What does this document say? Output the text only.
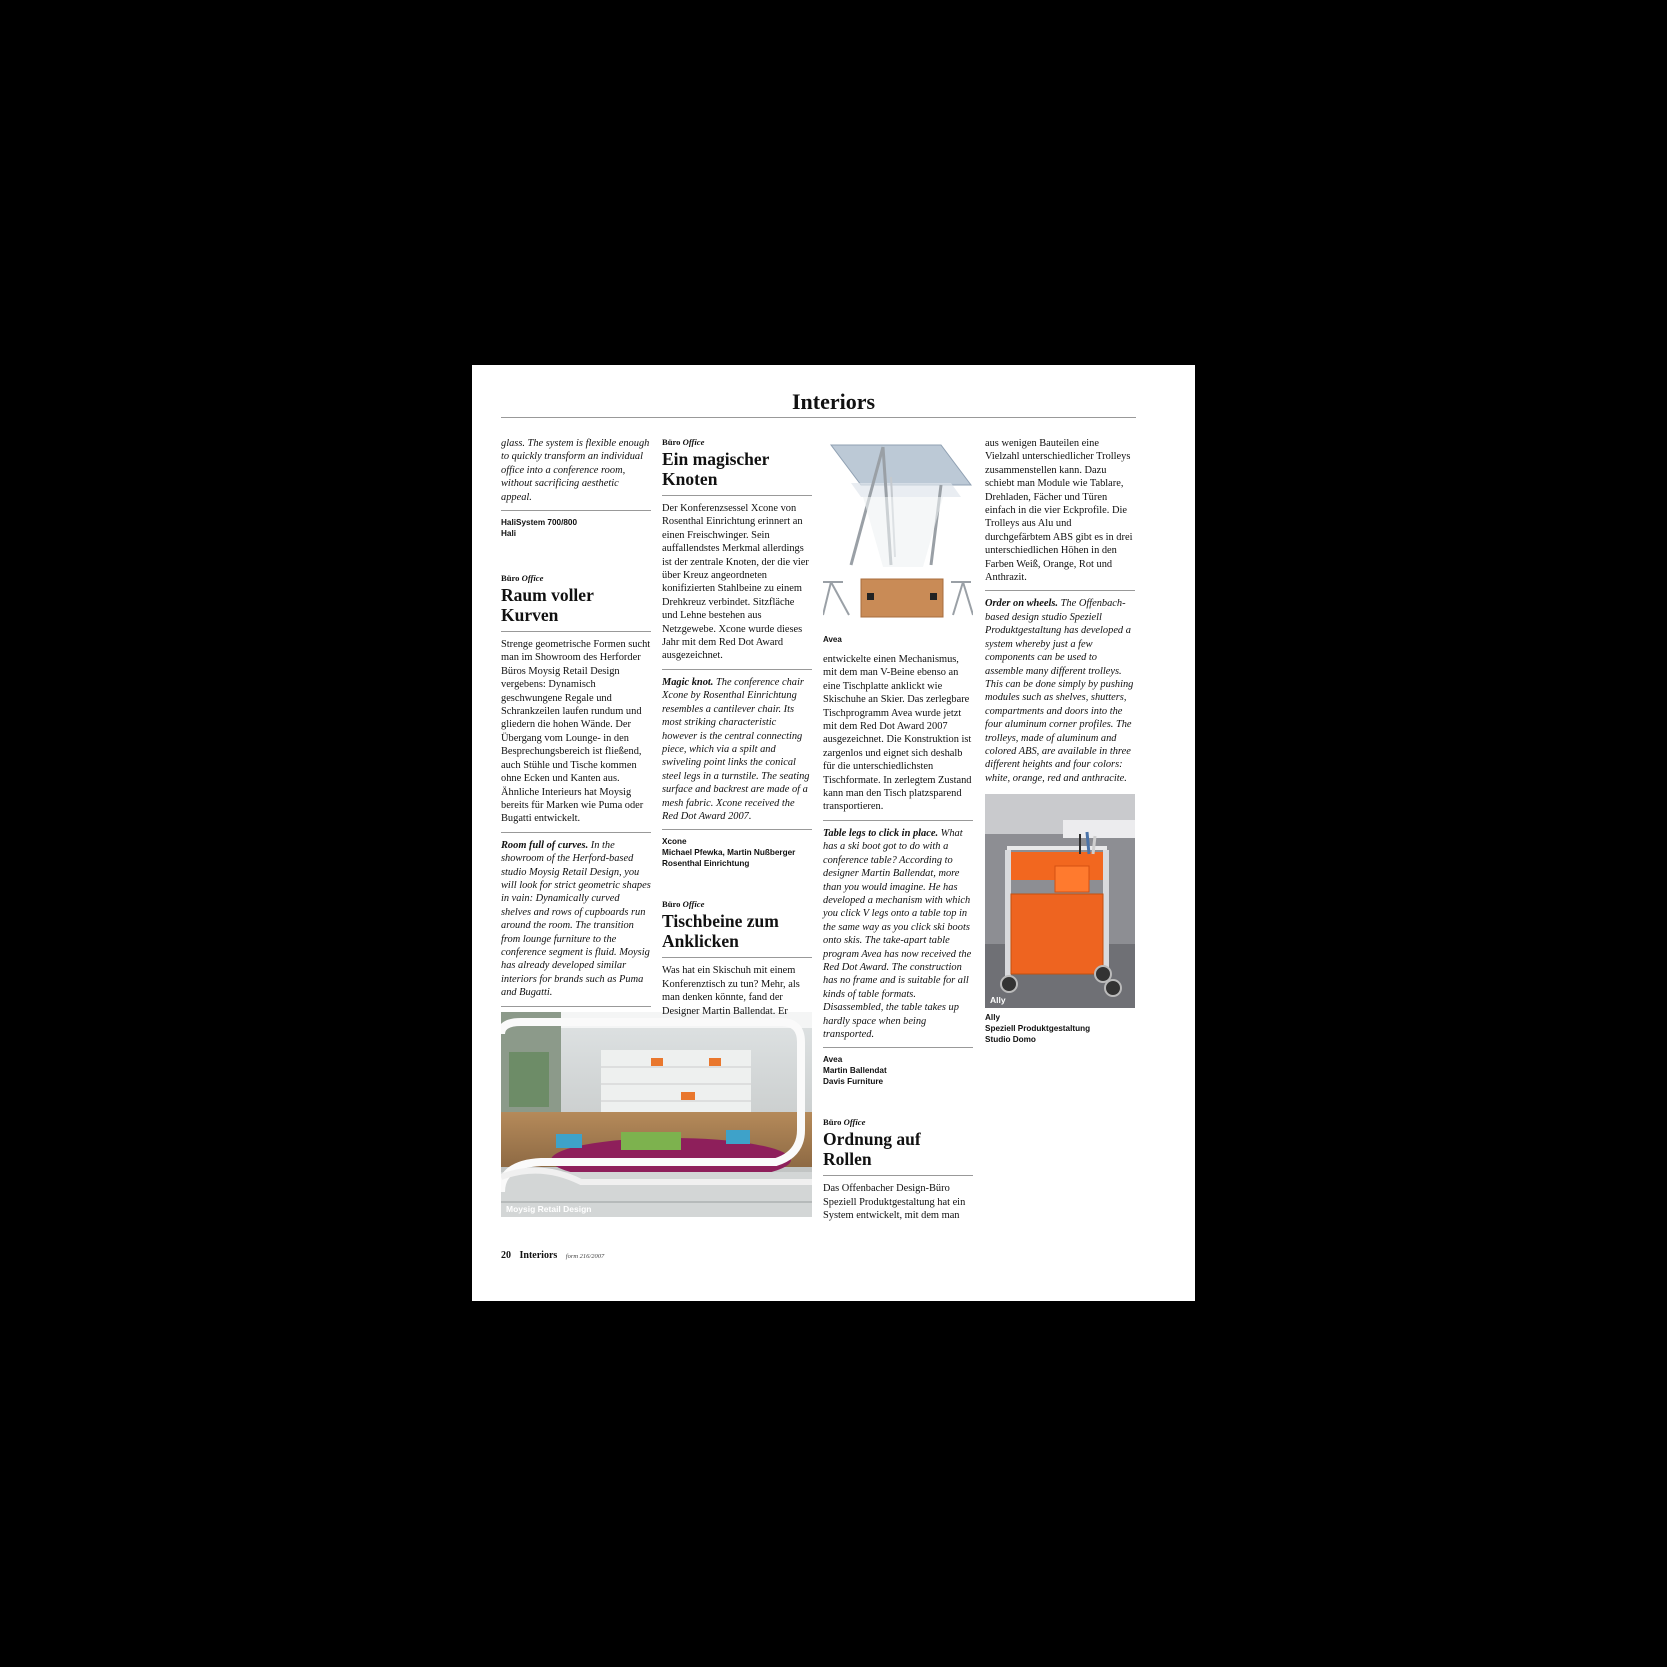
Interiors

glass. The system is flexible enough to quickly transform an individual office into a conference room, without sacrificing aesthetic appeal.

HaliSystem 700/800

Hali

Büro Office

Raum voller Kurven

Strenge geometrische Formen sucht man im Showroom des Herforder Büros Moysig Retail Design vergebens: Dynamisch geschwungene Regale und Schrankzeilen laufen rundum und gliedern die hohen Wände. Der Übergang vom Lounge- in den Besprechungsbereich ist fließend, auch Stühle und Tische kommen ohne Ecken und Kanten aus. Ähnliche Interieurs hat Moysig bereits für Marken wie Puma oder Bugatti entwickelt.

Room full of curves. In the showroom of the Herford-based studio Moysig Retail Design, you will look for strict geometric shapes in vain: Dynamically curved shelves and rows of cupboards run around the room. The transition from lounge furniture to the conference segment is fluid. Moysig has already developed similar interiors for brands such as Puma and Bugatti.

Moysig Retail Design

Büro Office

Ein magischer Knoten

Der Konferenzsessel Xcone von Rosenthal Einrichtung erinnert an einen Freischwinger. Sein auffallendstes Merkmal allerdings ist der zentrale Knoten, der die vier über Kreuz angeordneten konifizierten Stahlbeine zu einem Drehkreuz verbindet. Sitzfläche und Lehne bestehen aus Netzgewebe. Xcone wurde dieses Jahr mit dem Red Dot Award ausgezeichnet.

Magic knot. The conference chair Xcone by Rosenthal Einrichtung resembles a cantilever chair. Its most striking characteristic however is the central connecting piece, which via a spilt and swiveling point links the conical steel legs in a turnstile. The seating surface and backrest are made of a mesh fabric. Xcone received the Red Dot Award 2007.

Xcone

Michael Pfewka, Martin Nußberger

Rosenthal Einrichtung

Büro Office

Tischbeine zum Anklicken

Was hat ein Skischuh mit einem Konferenztisch zu tun? Mehr, als man denken könnte, fand der Designer Martin Ballendat. Er

Avea

entwickelte einen Mechanismus, mit dem man V-Beine ebenso an eine Tischplatte anklickt wie Skischuhe an Skier. Das zerlegbare Tischprogramm Avea wurde jetzt mit dem Red Dot Award 2007 ausgezeichnet. Die Konstruktion ist zargenlos und eignet sich deshalb für die unterschiedlichsten Tischformate. In zerlegtem Zustand kann man den Tisch platzsparend transportieren.

Table legs to click in place. What has a ski boot got to do with a conference table? According to designer Martin Ballendat, more than you would imagine. He has developed a mechanism with which you click V legs onto a table top in the same way as you click ski boots onto skis. The take-apart table program Avea has now received the Red Dot Award. The construction has no frame and is suitable for all kinds of table formats. Disassembled, the table takes up hardly space when being transported.

Avea

Martin Ballendat

Davis Furniture

Büro Office

Ordnung auf Rollen

Das Offenbacher Design-Büro Speziell Produktgestaltung hat ein System entwickelt, mit dem man

aus wenigen Bauteilen eine Vielzahl unterschiedlicher Trolleys zusammenstellen kann. Dazu schiebt man Module wie Tablare, Drehladen, Fächer und Türen einfach in die vier Eckprofile. Die Trolleys aus Alu und durchgefärbtem ABS gibt es in drei unterschiedlichen Höhen in den Farben Weiß, Orange, Rot und Anthrazit.

Order on wheels. The Offenbach-based design studio Speziell Produktgestaltung has developed a system whereby just a few components can be used to assemble many different trolleys. This can be done simply by pushing modules such as shelves, shutters, compartments and doors into the four aluminum corner profiles. The trolleys, made of aluminum and colored ABS, are available in three different heights and four colors: white, orange, red and anthracite.

Ally

Ally

Speziell Produktgestaltung

Studio Domo

20 Interiors form 216/2007
